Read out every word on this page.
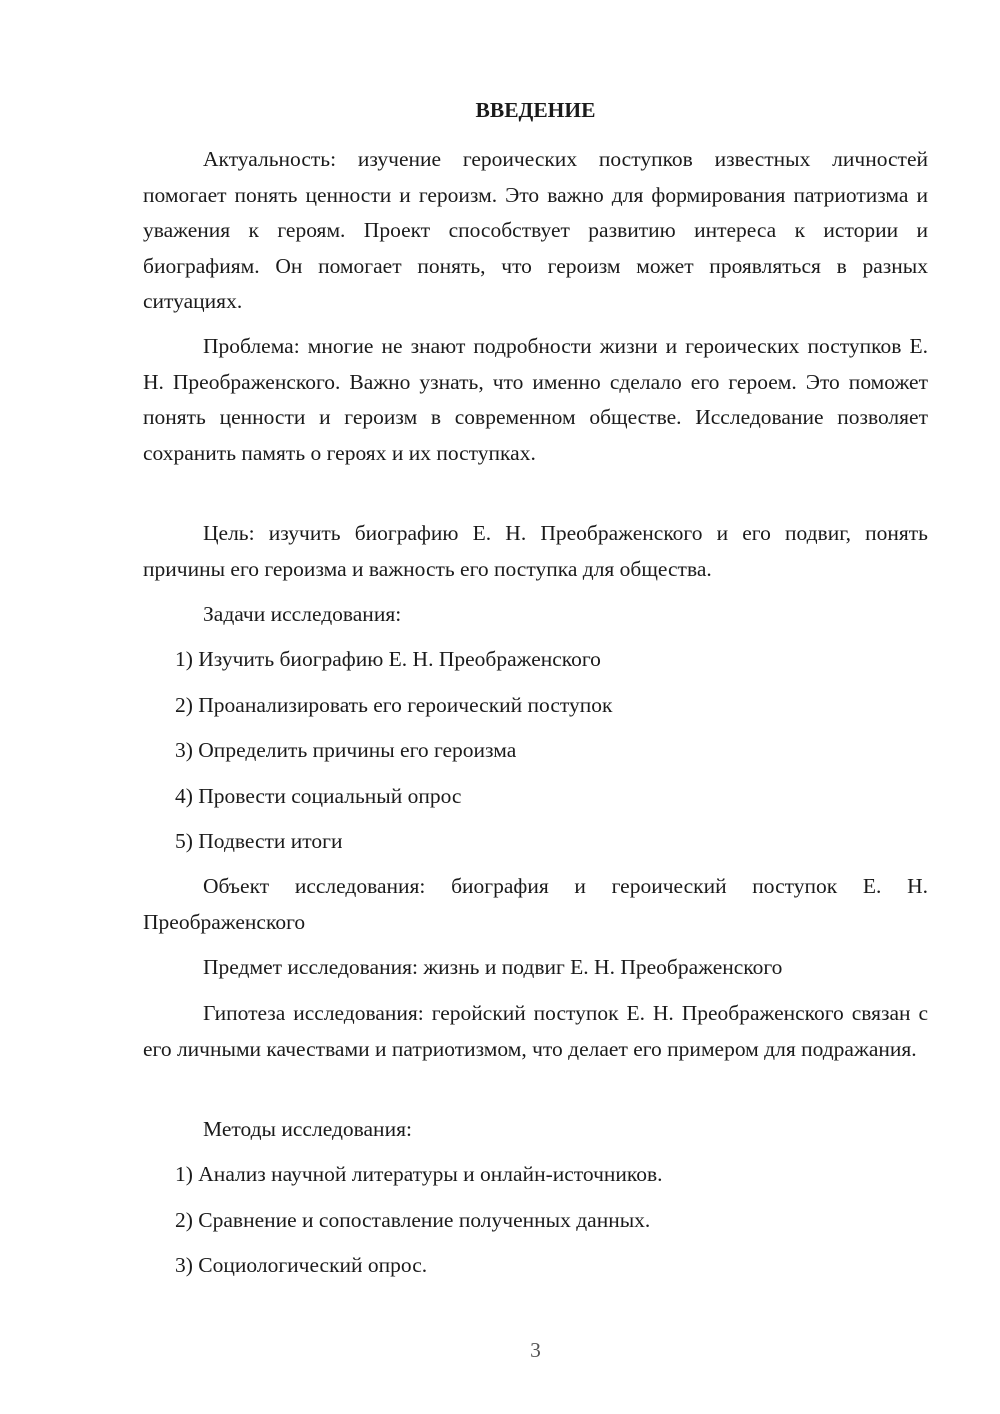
ВВЕДЕНИЕ

Актуальность: изучение героических поступков известных личностей помогает понять ценности и героизм. Это важно для формирования патриотизма и уважения к героям. Проект способствует развитию интереса к истории и биографиям. Он помогает понять, что героизм может проявляться в разных ситуациях.

Проблема: многие не знают подробности жизни и героических поступков Е. Н. Преображенского. Важно узнать, что именно сделало его героем. Это поможет понять ценности и героизм в современном обществе. Исследование позволяет сохранить память о героях и их поступках.

Цель: изучить биографию Е. Н. Преображенского и его подвиг, понять причины его героизма и важность его поступка для общества.

Задачи исследования:

1) Изучить биографию Е. Н. Преображенского

2) Проанализировать его героический поступок

3) Определить причины его героизма

4) Провести социальный опрос

5) Подвести итоги

Объект исследования: биография и героический поступок Е. Н. Преображенского

Предмет исследования: жизнь и подвиг Е. Н. Преображенского

Гипотеза исследования: геройский поступок Е. Н. Преображенского связан с его личными качествами и патриотизмом, что делает его примером для подражания.

Методы исследования:

1) Анализ научной литературы и онлайн-источников.

2) Сравнение и сопоставление полученных данных.

3) Социологический опрос.

3
